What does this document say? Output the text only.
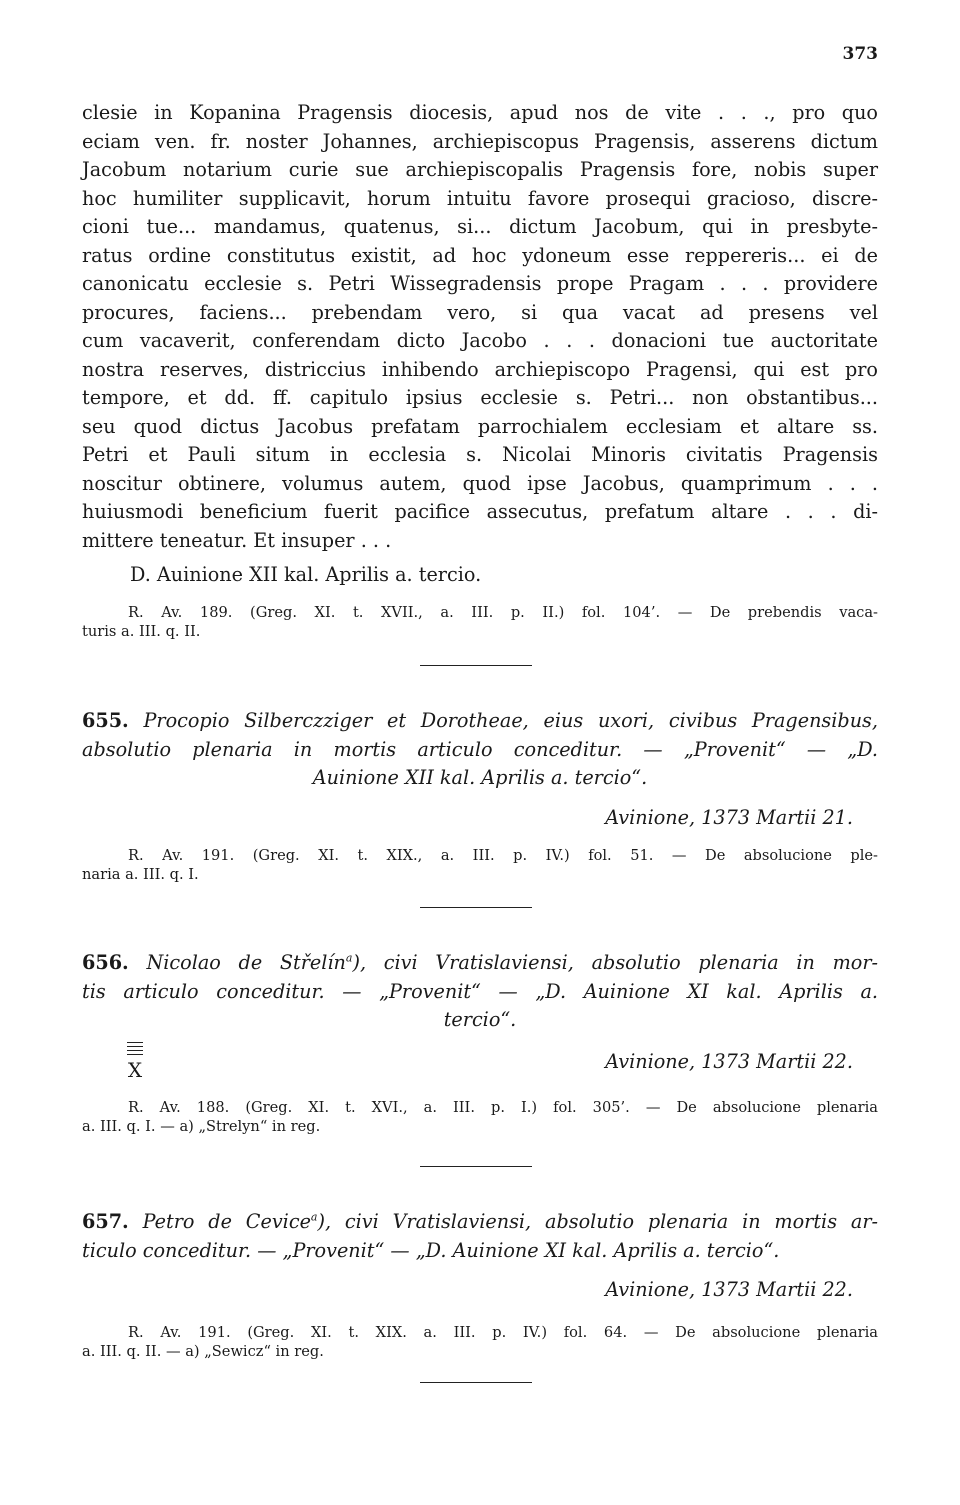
373
clesie in Kopanina Pragensis diocesis, apud nos de vite . . ., pro quo
eciam ven. fr. noster Johannes, archiepiscopus Pragensis, asserens dictum
Jacobum notarium curie sue archiepiscopalis Pragensis fore, nobis super
hoc humiliter supplicavit, horum intuitu favore prosequi gracioso, discre-
cioni tue... mandamus, quatenus, si... dictum Jacobum, qui in presbyte-
ratus ordine constitutus existit, ad hoc ydoneum esse reppereris... ei de
canonicatu ecclesie s. Petri Wissegradensis prope Pragam . . . providere
procures, faciens... prebendam vero, si qua vacat ad presens vel
cum vacaverit, conferendam dicto Jacobo . . . donacioni tue auctoritate
nostra reserves, districcius inhibendo archiepiscopo Pragensi, qui est pro
tempore, et dd. ff. capitulo ipsius ecclesie s. Petri... non obstantibus...
seu quod dictus Jacobus prefatam parrochialem ecclesiam et altare ss.
Petri et Pauli situm in ecclesia s. Nicolai Minoris civitatis Pragensis
noscitur obtinere, volumus autem, quod ipse Jacobus, quamprimum . . .
huiusmodi beneficium fuerit pacifice assecutus, prefatum altare . . . di-
mittere teneatur. Et insuper . . .
D. Auinione XII kal. Aprilis a. tercio.
R. Av. 189. (Greg. XI. t. XVII., a. III. p. II.) fol. 104’. — De prebendis vaca-
turis a. III. q. II.
655. Procopio Silberczziger et Dorotheae, eius uxori, civibus Pragensibus,
absolutio plenaria in mortis articulo conceditur. — „Provenit“ — „D.
Auinione XII kal. Aprilis a. tercio“.
Avinione, 1373 Martii 21.
R. Av. 191. (Greg. XI. t. XIX., a. III. p. IV.) fol. 51. — De absolucione ple-
naria a. III. q. I.
656. Nicolao de Střelín$^a$), civi Vratislaviensi, absolutio plenaria in mor-
tis articulo conceditur. — „Provenit“ — „D. Auinione XI kal. Aprilis a.
tercio“.
X	Avinione, 1373 Martii 22.
R. Av. 188. (Greg. XI. t. XVI., a. III. p. I.) fol. 305’. — De absolucione plenaria
a. III. q. I. — a) „Strelyn“ in reg.
657. Petro de Cevice$^a$), civi Vratislaviensi, absolutio plenaria in mortis ar-
ticulo conceditur. — „Provenit“ — „D. Auinione XI kal. Aprilis a. tercio“.
Avinione, 1373 Martii 22.
R. Av. 191. (Greg. XI. t. XIX. a. III. p. IV.) fol. 64. — De absolucione plenaria
a. III. q. II. — a) „Sewicz“ in reg.
